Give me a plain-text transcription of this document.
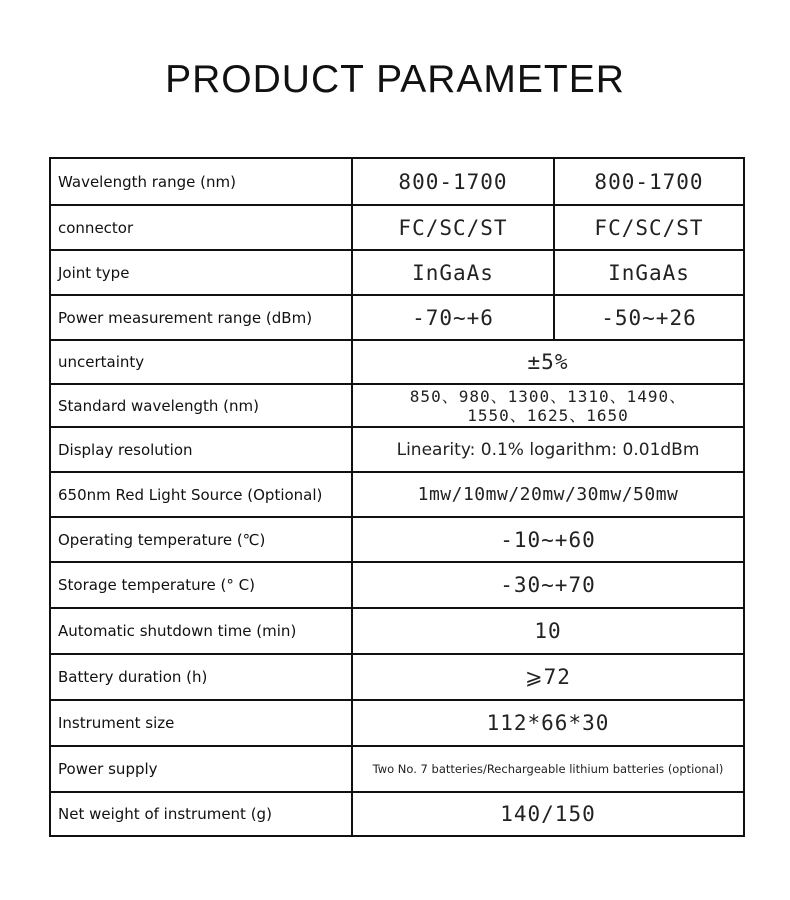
PRODUCT PARAMETER
Wavelength range (nm)	800-1700	800-1700
connector	FC/SC/ST	FC/SC/ST
Joint type	InGaAs	InGaAs
Power measurement range (dBm)	-70~+6	-50~+26
uncertainty	±5%	
Standard wavelength (nm)	850、980、1300、1310、1490、
1550、1625、1650	

Display resolution	Linearity: 0.1% logarithm: 0.01dBm	
650nm Red Light Source (Optional)	1mw/10mw/20mw/30mw/50mw	
Operating temperature (℃)	-10~+60	
Storage temperature (° C)	-30~+70	
Automatic shutdown time (min)	10	
Battery duration (h)	⩾72	
Instrument size	112*66*30	
Power supply	Two No. 7 batteries/Rechargeable lithium batteries (optional)	
Net weight of instrument (g)	140/150	
